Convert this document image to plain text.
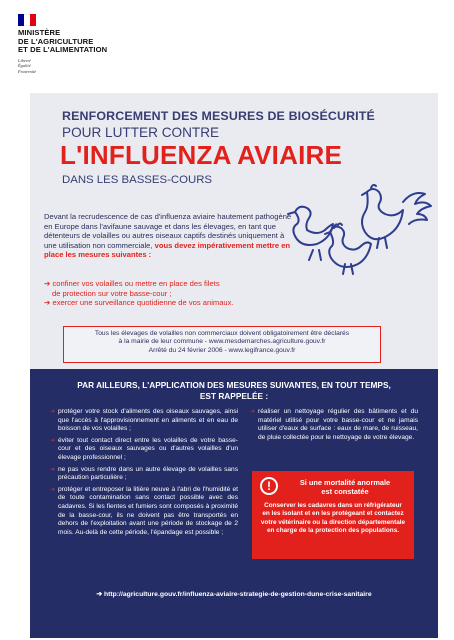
MINISTÈRE
DE L'AGRICULTURE
ET DE L'ALIMENTATION
Liberté
Égalité
Fraternité
RENFORCEMENT DES MESURES DE BIOSÉCURITÉ
POUR LUTTER CONTRE
L'INFLUENZA AVIAIRE
DANS LES BASSES-COURS
Devant la recrudescence de cas d'influenza aviaire hautement pathogène en Europe dans l'avifaune sauvage et dans les élevages, en tant que détenteurs de volailles ou autres oiseaux captifs destinés uniquement à une utilisation non commerciale, vous devez impérativement mettre en place les mesures suivantes :
➔ confiner vos volailles ou mettre en place des filets
de protection sur votre basse-cour ;
➔ exercer une surveillance quotidienne de vos animaux.
Tous les élevages de volailles non commerciaux doivent obligatoirement être déclarés
à la mairie de leur commune - www.mesdemarches.agriculture.gouv.fr
Arrêté du 24 février 2006 - www.legifrance.gouv.fr
PAR AILLEURS, L'APPLICATION DES MESURES SUIVANTES, EN TOUT TEMPS,
EST RAPPELÉE :

➔ protéger votre stock d'aliments des oiseaux sauvages, ainsi que l'accès à l'approvisionnement en aliments et en eau de boisson de vos volailles ;

➔ éviter tout contact direct entre les volailles de votre basse-cour et des oiseaux sauvages ou d'autres volailles d'un élevage professionnel ;

➔ ne pas vous rendre dans un autre élevage de volailles sans précaution particulière ;

➔ protéger et entreposer la litière neuve à l'abri de l'humidité et de toute contamination sans contact possible avec des cadavres. Si les fientes et fumiers sont composés à proximité de la basse-cour, ils ne doivent pas être transportés en dehors de l'exploitation avant une période de stockage de 2 mois. Au-delà de cette période, l'épandage est possible ;

➔ réaliser un nettoyage régulier des bâtiments et du matériel utilisé pour votre basse-cour et ne jamais utiliser d'eaux de surface : eaux de mare, de ruisseau, de pluie collectée pour le nettoyage de votre élevage.

!	Si une mortalité anormale
est constatée
Conserver les cadavres dans un réfrigérateur en les isolant et en les protégeant et contactez votre vétérinaire ou la direction départementale en charge de la protection des populations.
➔ http://agriculture.gouv.fr/influenza-aviaire-strategie-de-gestion-dune-crise-sanitaire
